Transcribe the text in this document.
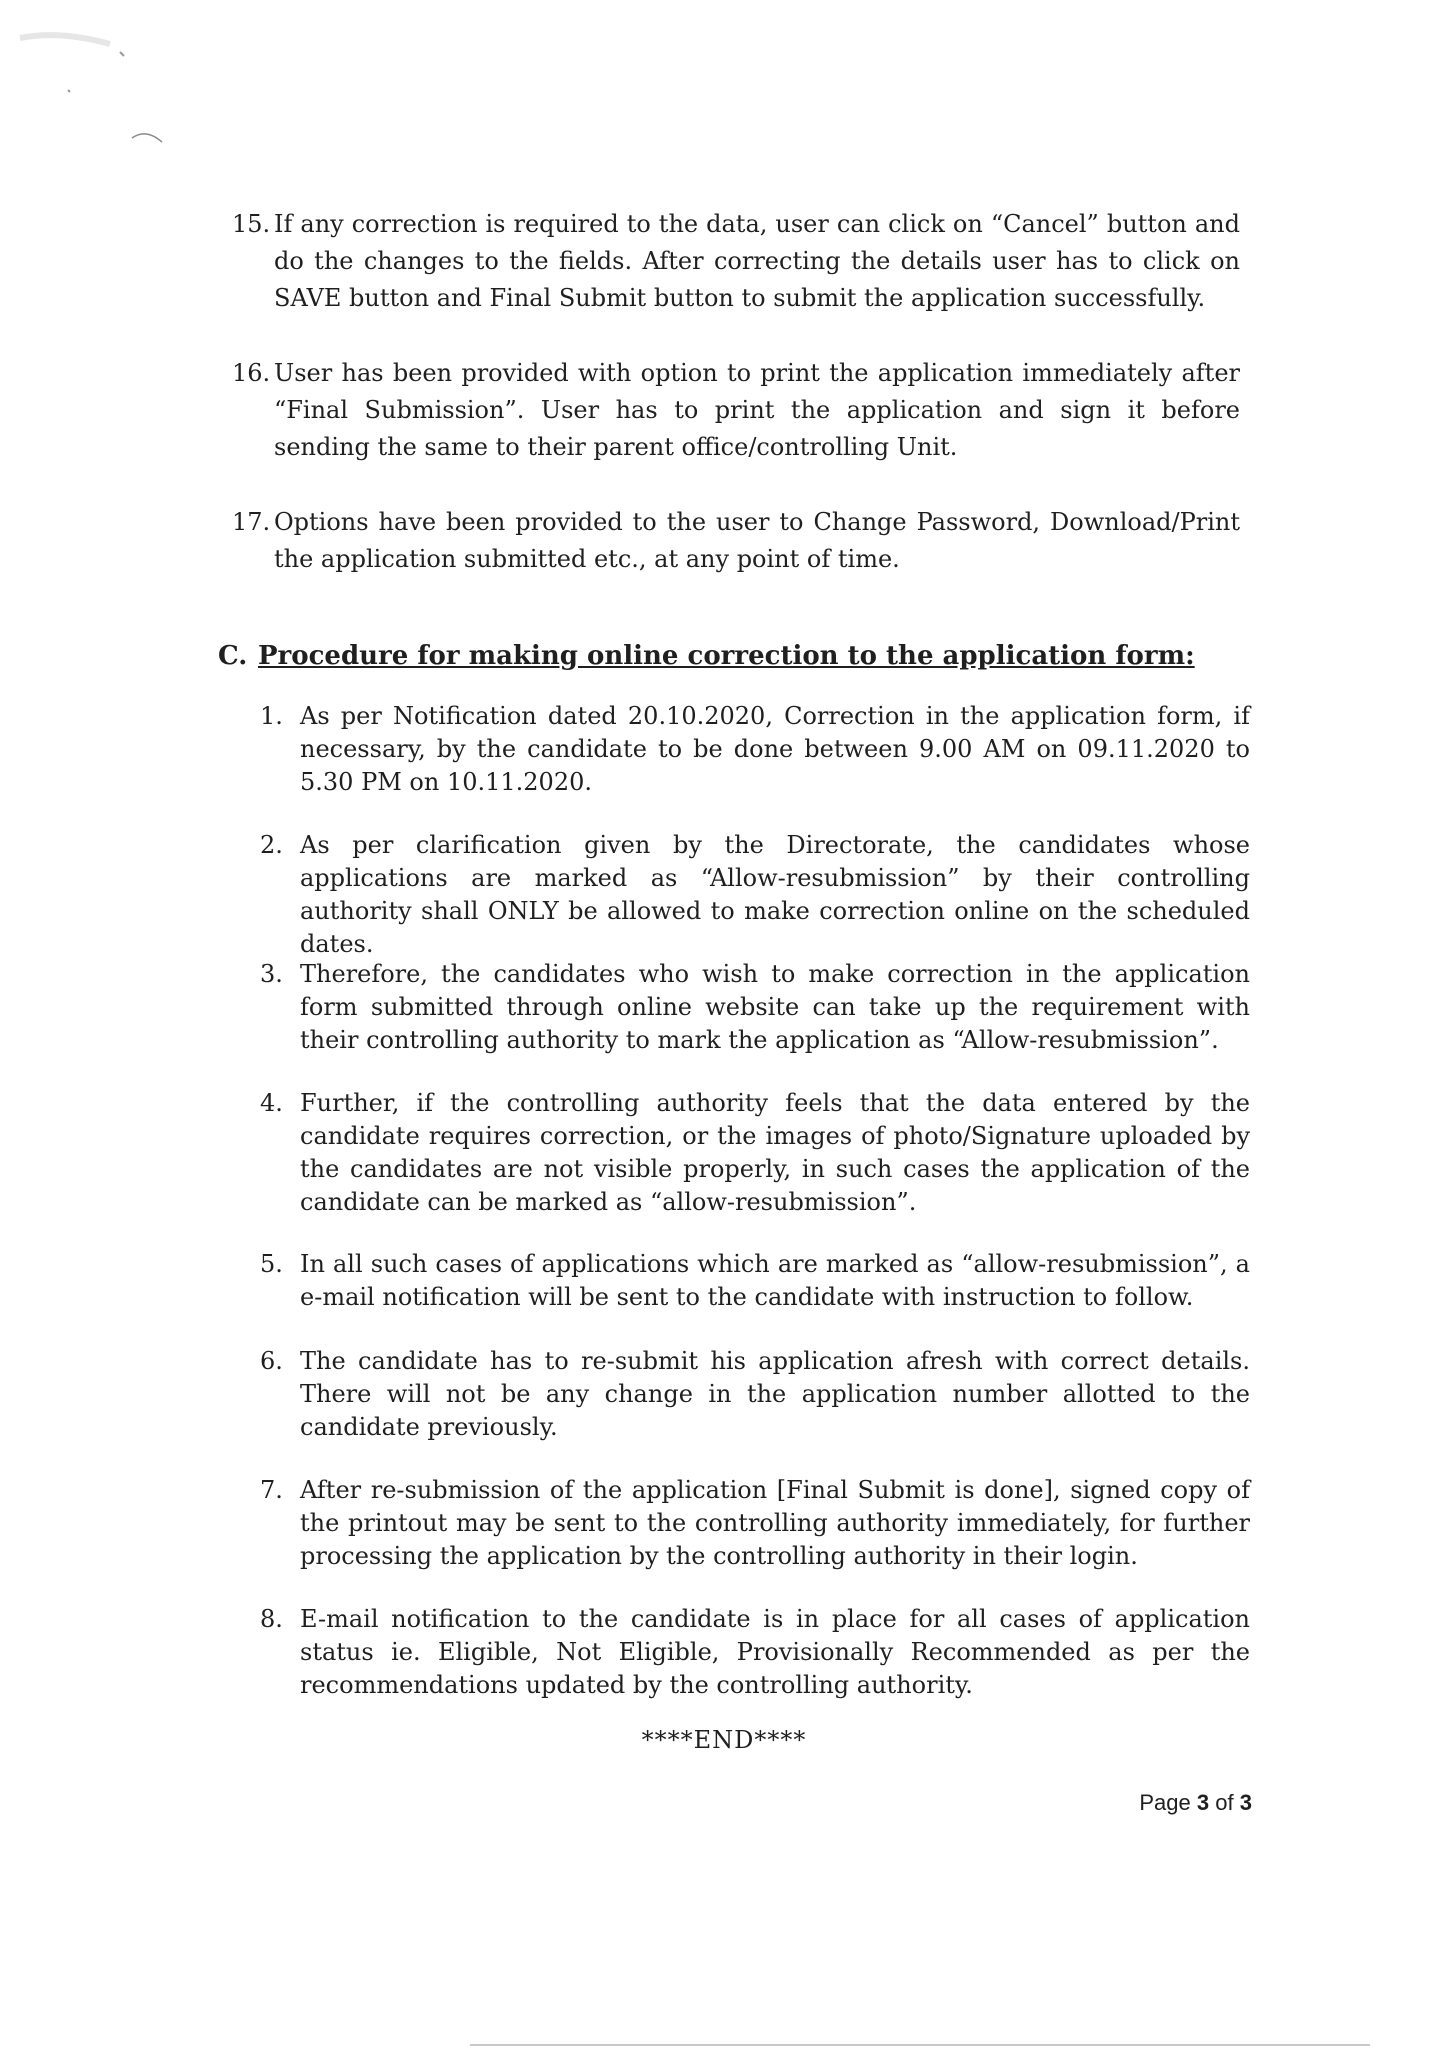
15. If any correction is required to the data, user can click on “Cancel” button and do the changes to the fields. After correcting the details user has to click on SAVE button and Final Submit button to submit the application successfully.
16. User has been provided with option to print the application immediately after “Final Submission”. User has to print the application and sign it before sending the same to their parent office/controlling Unit.
17. Options have been provided to the user to Change Password, Download/Print the application submitted etc., at any point of time.
C. Procedure for making online correction to the application form:
1. As per Notification dated 20.10.2020, Correction in the application form, if necessary, by the candidate to be done between 9.00 AM on 09.11.2020 to 5.30 PM on 10.11.2020.
2. As per clarification given by the Directorate, the candidates whose applications are marked as “Allow-resubmission” by their controlling authority shall ONLY be allowed to make correction online on the scheduled dates.
3. Therefore, the candidates who wish to make correction in the application form submitted through online website can take up the requirement with their controlling authority to mark the application as “Allow-resubmission”.
4. Further, if the controlling authority feels that the data entered by the candidate requires correction, or the images of photo/Signature uploaded by the candidates are not visible properly, in such cases the application of the candidate can be marked as “allow-resubmission”.
5. In all such cases of applications which are marked as “allow-resubmission”, a e-mail notification will be sent to the candidate with instruction to follow.
6. The candidate has to re-submit his application afresh with correct details. There will not be any change in the application number allotted to the candidate previously.
7. After re-submission of the application [Final Submit is done], signed copy of the printout may be sent to the controlling authority immediately, for further processing the application by the controlling authority in their login.
8. E-mail notification to the candidate is in place for all cases of application status ie. Eligible, Not Eligible, Provisionally Recommended as per the recommendations updated by the controlling authority.
****END****
Page 3 of 3
